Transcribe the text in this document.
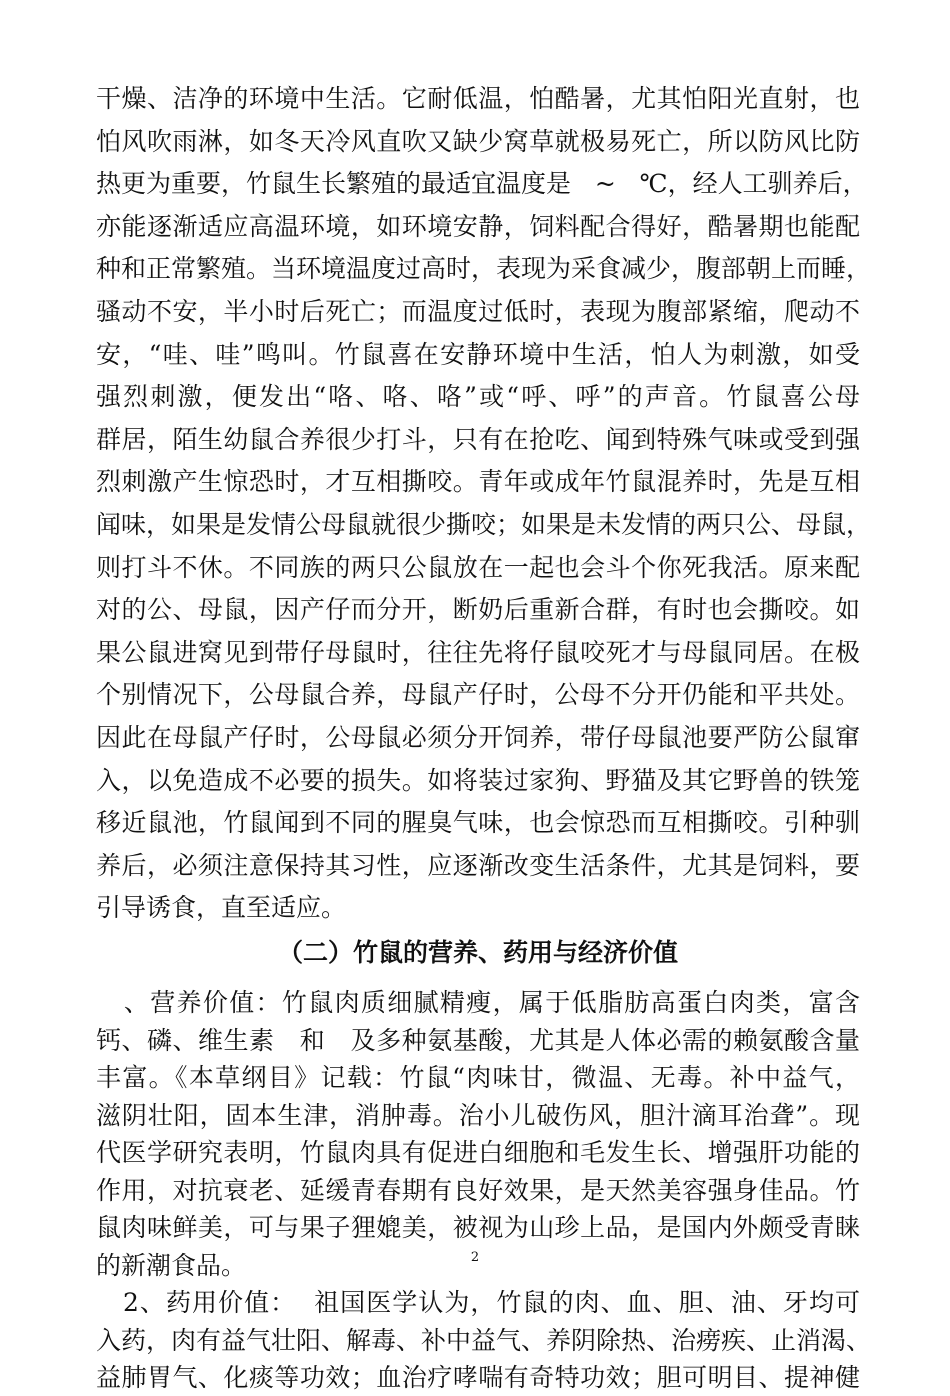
干燥、洁净的环境中生活。它耐低温，怕酷暑，尤其怕阳光直射，也
怕风吹雨淋，如冬天冷风直吹又缺少窝草就极易死亡，所以防风比防
热更为重要，竹鼠生长繁殖的最适宜温度是   ~   ℃，经人工驯养后，
亦能逐渐适应高温环境，如环境安静，饲料配合得好，酷暑期也能配
种和正常繁殖。当环境温度过高时，表现为采食减少，腹部朝上而睡，
骚动不安，半小时后死亡；而温度过低时，表现为腹部紧缩，爬动不
安，“哇、哇”鸣叫。竹鼠喜在安静环境中生活，怕人为刺激，如受
强烈刺激，便发出“咯、咯、咯”或“呼、呼”的声音。竹鼠喜公母
群居，陌生幼鼠合养很少打斗，只有在抢吃、闻到特殊气味或受到强
烈刺激产生惊恐时，才互相撕咬。青年或成年竹鼠混养时，先是互相
闻味，如果是发情公母鼠就很少撕咬；如果是未发情的两只公、母鼠，
则打斗不休。不同族的两只公鼠放在一起也会斗个你死我活。原来配
对的公、母鼠，因产仔而分开，断奶后重新合群，有时也会撕咬。如
果公鼠进窝见到带仔母鼠时，往往先将仔鼠咬死才与母鼠同居。在极
个别情况下，公母鼠合养，母鼠产仔时，公母不分开仍能和平共处。
因此在母鼠产仔时，公母鼠必须分开饲养，带仔母鼠池要严防公鼠窜
入，以免造成不必要的损失。如将装过家狗、野猫及其它野兽的铁笼
移近鼠池，竹鼠闻到不同的腥臭气味，也会惊恐而互相撕咬。引种驯
养后，必须注意保持其习性，应逐渐改变生活条件，尤其是饲料，要
引导诱食，直至适应。
（二）竹鼠的营养、药用与经济价值
2
、营养价值：竹鼠肉质细腻精瘦，属于低脂肪高蛋白肉类，富含
钙、磷、维生素   和   及多种氨基酸，尤其是人体必需的赖氨酸含量
丰富。《本草纲目》记载：竹鼠“肉味甘，微温、无毒。补中益气，
滋阴壮阳，固本生津，消肿毒。治小儿破伤风，胆汁滴耳治聋”。现
代医学研究表明，竹鼠肉具有促进白细胞和毛发生长、增强肝功能的
作用，对抗衰老、延缓青春期有良好效果，是天然美容强身佳品。竹
鼠肉味鲜美，可与果子狸媲美，被视为山珍上品，是国内外颇受青睐
的新潮食品。
2、药用价值：  祖国医学认为，竹鼠的肉、血、胆、油、牙均可
入药，肉有益气壮阳、解毒、补中益气、养阴除热、治痨疾、止消渴、
益肺胃气、化痰等功效；血治疗哮喘有奇特功效；胆可明目、提神健
